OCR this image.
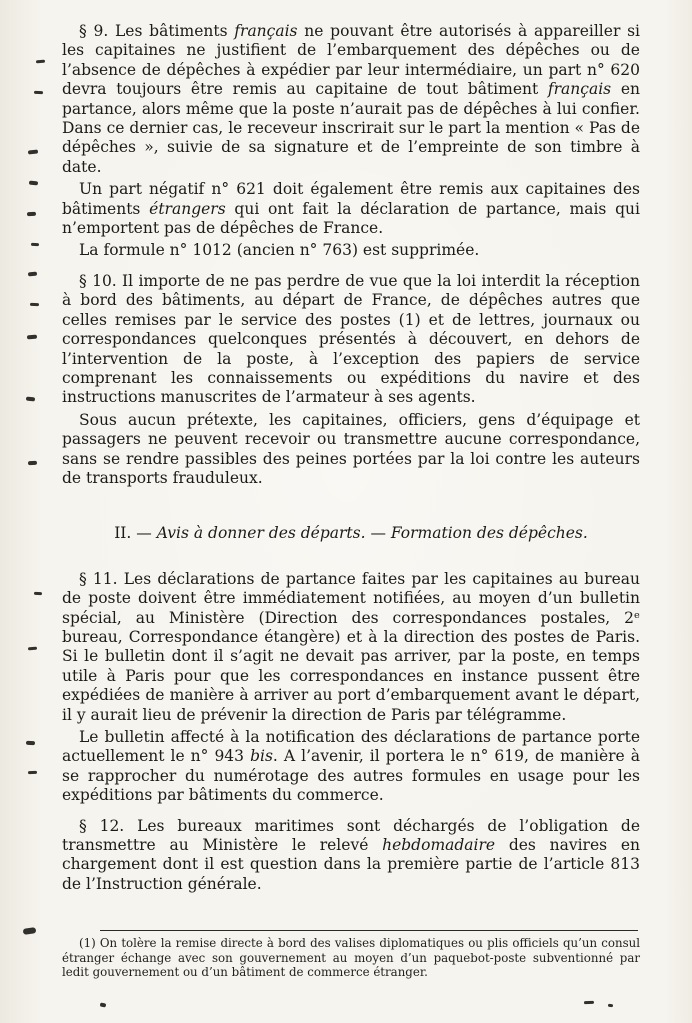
§ 9. Les bâtiments français ne pouvant être autorisés à appareiller si les capitaines ne justifient de l’embarquement des dépêches ou de l’absence de dépêches à expédier par leur intermédiaire, un part n° 620 devra toujours être remis au capitaine de tout bâtiment français en partance, alors même que la poste n’aurait pas de dépêches à lui confier. Dans ce dernier cas, le receveur inscrirait sur le part la mention « Pas de dépêches », suivie de sa signature et de l’empreinte de son timbre à date.

Un part négatif n° 621 doit également être remis aux capitaines des bâtiments étrangers qui ont fait la déclaration de partance, mais qui n’emportent pas de dépêches de France.

La formule n° 1012 (ancien n° 763) est supprimée.

§ 10. Il importe de ne pas perdre de vue que la loi interdit la réception à bord des bâtiments, au départ de France, de dépêches autres que celles remises par le service des postes (1) et de lettres, journaux ou correspondances quelconques présentés à découvert, en dehors de l’intervention de la poste, à l’exception des papiers de service comprenant les connaissements ou expéditions du navire et des instructions manuscrites de l’armateur à ses agents.

Sous aucun prétexte, les capitaines, officiers, gens d’équipage et passagers ne peuvent recevoir ou transmettre aucune correspondance, sans se rendre passibles des peines portées par la loi contre les auteurs de transports frauduleux.

II. — Avis à donner des départs. — Formation des dépêches.

§ 11. Les déclarations de partance faites par les capitaines au bureau de poste doivent être immédiatement notifiées, au moyen d’un bulletin spécial, au Ministère (Direction des correspondances postales, 2ᵉ bureau, Correspondance étangère) et à la direction des postes de Paris. Si le bulletin dont il s’agit ne devait pas arriver, par la poste, en temps utile à Paris pour que les correspondances en instance pussent être expédiées de manière à arriver au port d’embarquement avant le départ, il y aurait lieu de prévenir la direction de Paris par télégramme.

Le bulletin affecté à la notification des déclarations de partance porte actuellement le n° 943 bis. A l’avenir, il portera le n° 619, de manière à se rapprocher du numérotage des autres formules en usage pour les expéditions par bâtiments du commerce.

§ 12. Les bureaux maritimes sont déchargés de l’obligation de transmettre au Ministère le relevé hebdomadaire des navires en chargement dont il est question dans la première partie de l’article 813 de l’Instruction générale.

(1) On tolère la remise directe à bord des valises diplomatiques ou plis officiels qu’un consul étranger échange avec son gouvernement au moyen d’un paquebot-poste subventionné par ledit gouvernement ou d’un bâtiment de commerce étranger.
